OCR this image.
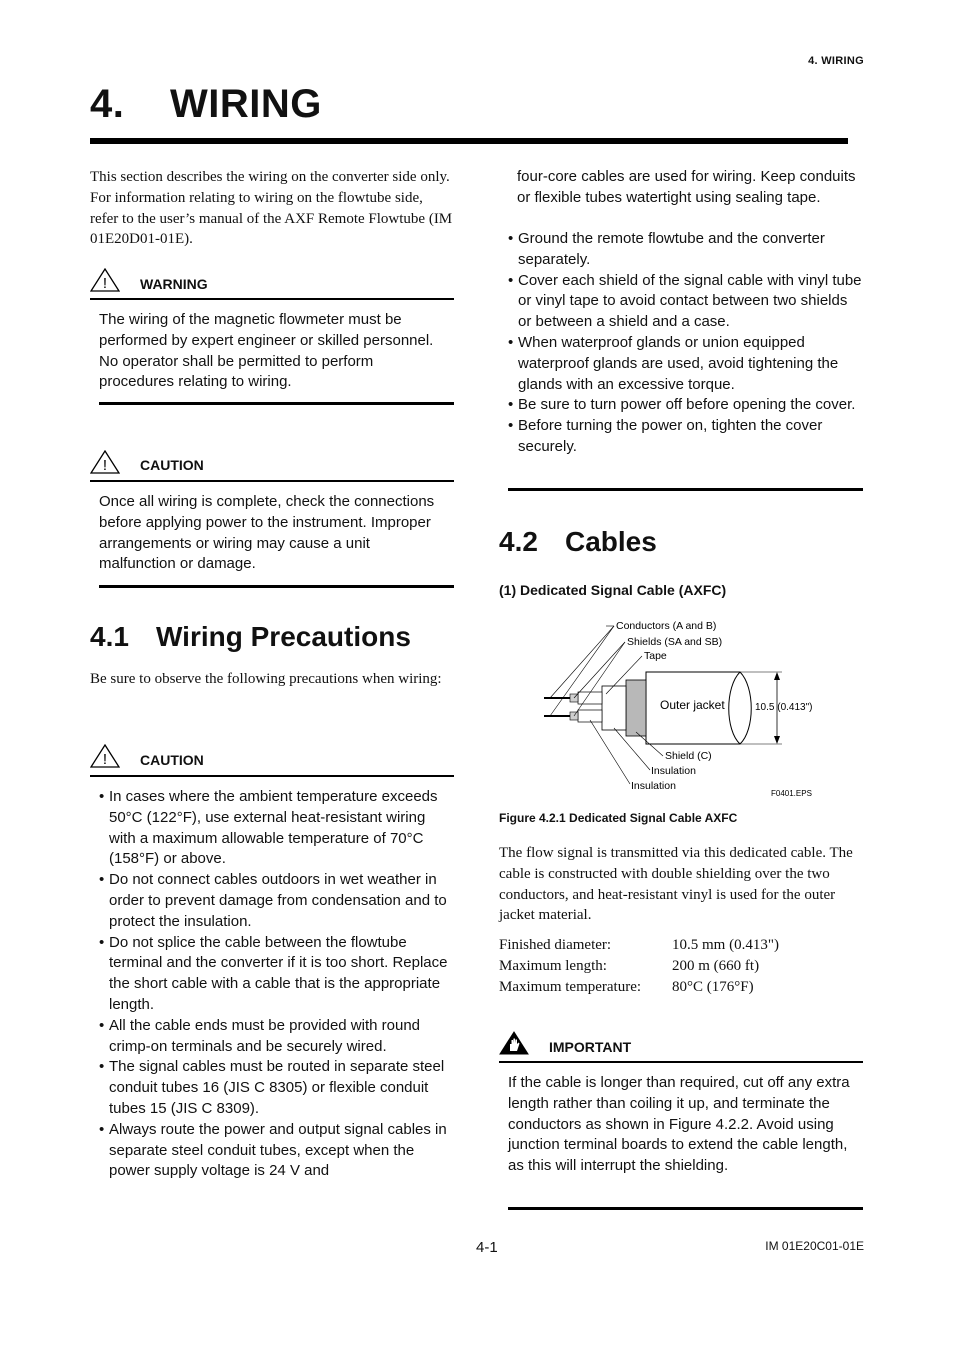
4. WIRING
4. WIRING
This section describes the wiring on the converter side only. For information relating to wiring on the flowtube side, refer to the user’s manual of the AXF Remote Flowtube (IM 01E20D01-01E).
! WARNING
The wiring of the magnetic flowmeter must be performed by expert engineer or skilled personnel. No operator shall be permitted to perform procedures relating to wiring.
! CAUTION
Once all wiring is complete, check the connections before applying power to the instrument. Improper arrangements or wiring may cause a unit malfunction or damage.
4.1 Wiring Precautions
Be sure to observe the following precautions when wiring:
! CAUTION
• In cases where the ambient temperature exceeds 50°C (122°F), use external heat-resistant wiring with a maximum allowable temperature of 70°C (158°F) or above.
• Do not connect cables outdoors in wet weather in order to prevent damage from condensation and to protect the insulation.
• Do not splice the cable between the flowtube terminal and the converter if it is too short. Replace the short cable with a cable that is the appropriate length.
• All the cable ends must be provided with round crimp-on terminals and be securely wired.
• The signal cables must be routed in separate steel conduit tubes 16 (JIS C 8305) or flexible conduit tubes 15 (JIS C 8309).
• Always route the power and output signal cables in separate steel conduit tubes, except when the power supply voltage is 24 V and
four-core cables are used for wiring. Keep conduits or flexible tubes watertight using sealing tape.
• Ground the remote flowtube and the converter separately.
• Cover each shield of the signal cable with vinyl tube or vinyl tape to avoid contact between two shields or between a shield and a case.
• When waterproof glands or union equipped waterproof glands are used, avoid tightening the glands with an excessive torque.
• Be sure to turn power off before opening the cover.
• Before turning the power on, tighten the cover securely.
4.2 Cables
(1) Dedicated Signal Cable (AXFC)
Conductors (A and B)
Shields (SA and SB)
Tape
Outer jacket	10.5 (0.413")
Shield (C)
Insulation
Insulation
F0401.EPS
Figure 4.2.1 Dedicated Signal Cable AXFC
The flow signal is transmitted via this dedicated cable. The cable is constructed with double shielding over the two conductors, and heat-resistant vinyl is used for the outer jacket material.
Finished diameter:	10.5 mm (0.413")
Maximum length:	200 m (660 ft)
Maximum temperature:	80°C (176°F)
IMPORTANT
If the cable is longer than required, cut off any extra length rather than coiling it up, and terminate the conductors as shown in Figure 4.2.2. Avoid using junction terminal boards to extend the cable length, as this will interrupt the shielding.
4-1	IM 01E20C01-01E
